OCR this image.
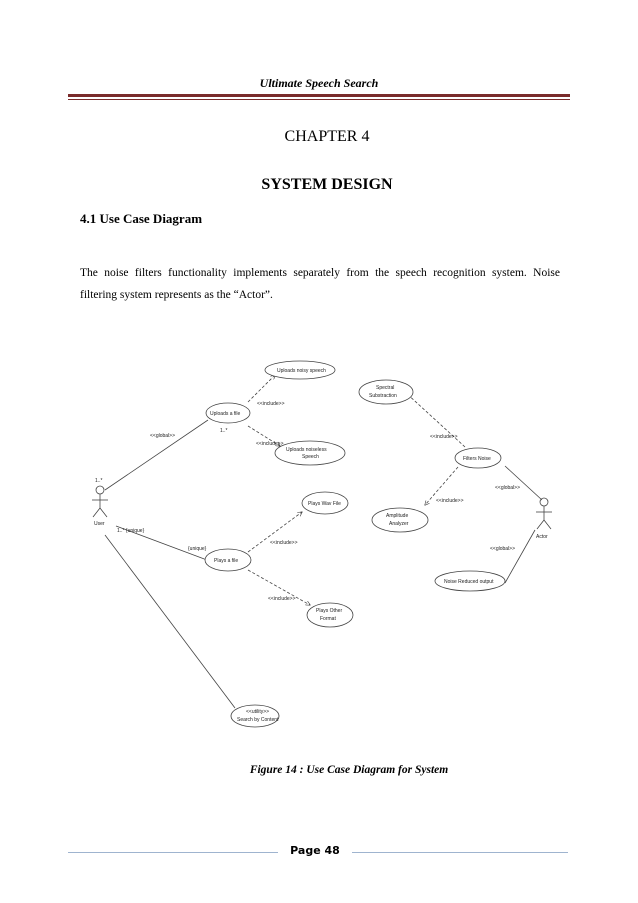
Ultimate Speech Search
CHAPTER 4
SYSTEM DESIGN
4.1 Use Case Diagram
The noise filters functionality implements separately from the speech recognition system. Noise filtering system represents as the “Actor”.
1..*
User
1..* {unique}
Actor
Uploads noisy speech
Uploads a file
1..*
Uploads noiseless
Speech
Plays Wav File
Plays a file
Plays Other
Format
<<utility>>
Search by Content
Spectral
Substraction
Filters Noise
Amplitude
Analyzer
Noise Reduced output
<<include>>
<<include>>
<<include>>
<<include>>
<<include>>
<<include>>
<<global>>
<<global>>
<<global>>
{unique}
Figure 14 : Use Case Diagram for System
Page 48
